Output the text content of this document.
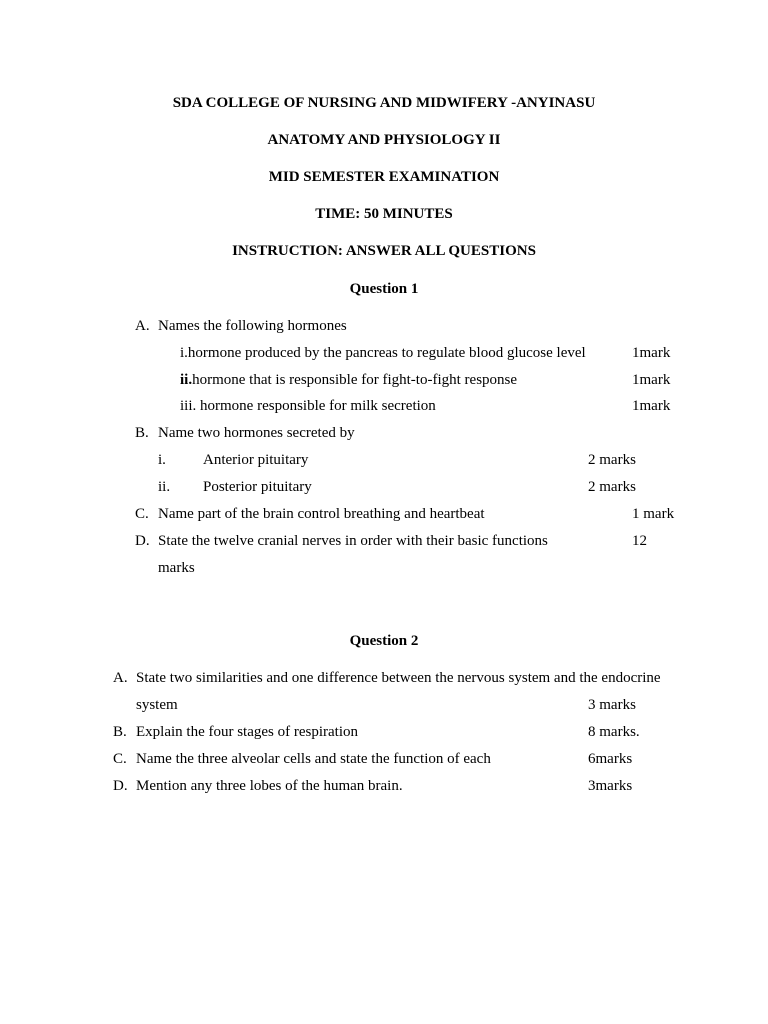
SDA COLLEGE OF NURSING AND MIDWIFERY -ANYINASU
ANATOMY AND PHYSIOLOGY II
MID SEMESTER EXAMINATION
TIME: 50 MINUTES
INSTRUCTION: ANSWER ALL QUESTIONS
Question 1
A. Names the following hormones
i.hormone produced by the pancreas to regulate blood glucose level	1mark
ii.hormone that is responsible for fight-to-fight response	1mark
iii. hormone responsible for milk secretion	1mark
B. Name two hormones secreted by
i. Anterior pituitary	2 marks
ii. Posterior pituitary	2 marks
C. Name part of the brain control breathing and heartbeat	1 mark
D. State the twelve cranial nerves in order with their basic functions	12
marks
Question 2
A. State two similarities and one difference between the nervous system and the endocrine
system	3 marks
B. Explain the four stages of respiration	8 marks.
C. Name the three alveolar cells and state the function of each	6marks
D. Mention any three lobes of the human brain.	3marks
